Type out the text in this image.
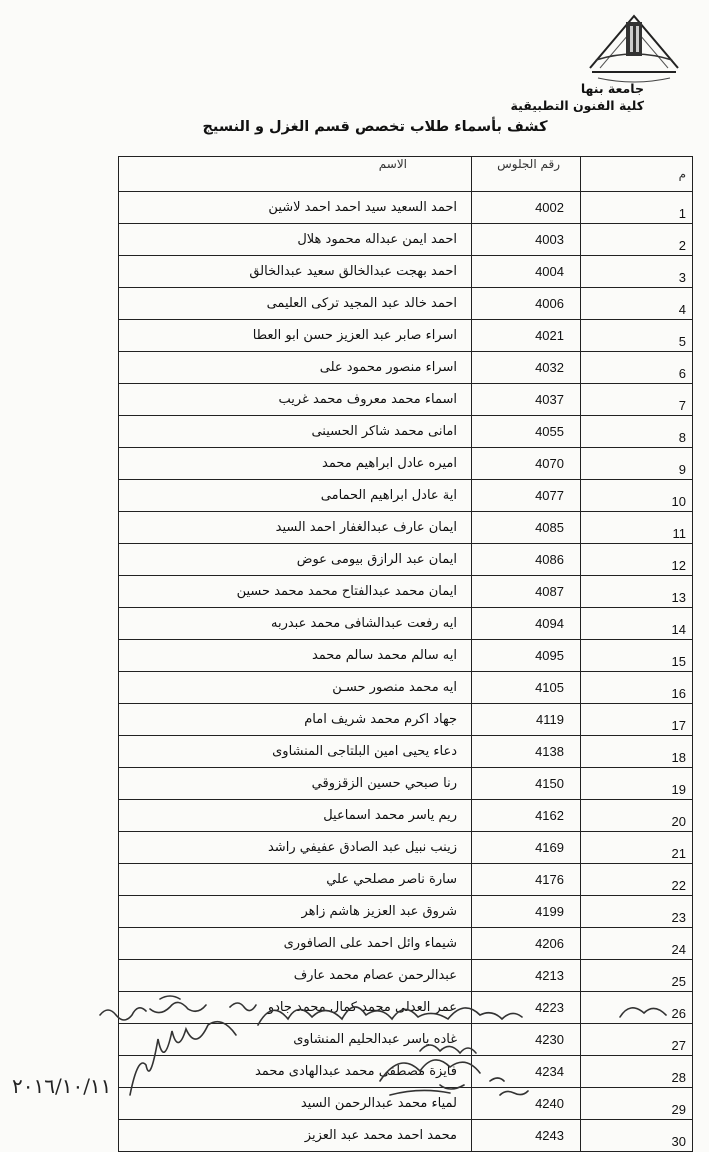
جامعة بنها
كلية الفنون التطبيقية
كشف بأسماء طلاب تخصص قسم الغزل و النسيج
الاسم	رقم الجلوس	م
احمد السعيد سيد احمد احمد لاشين	4002	1
احمد ايمن عبداله محمود هلال	4003	2
احمد بهجت عبدالخالق سعيد عبدالخالق	4004	3
احمد خالد عبد المجيد تركى العليمى	4006	4
اسراء صابر عبد العزيز حسن ابو العطا	4021	5
اسراء منصور محمود على	4032	6
اسماء محمد معروف محمد غريب	4037	7
امانى محمد شاكر الحسينى	4055	8
اميره عادل ابراهيم محمد	4070	9
اية عادل ابراهيم الحمامى	4077	10
ايمان عارف عبدالغفار احمد السيد	4085	11
ايمان عبد الرازق بيومى عوض	4086	12
ايمان محمد عبدالفتاح محمد محمد حسين	4087	13
ايه رفعت عبدالشافى محمد عبدربه	4094	14
ايه سالم محمد سالم محمد	4095	15
ايه محمد منصور حسـن	4105	16
جهاد اكرم محمد شريف امام	4119	17
دعاء يحيى امين البلتاجى المنشاوى	4138	18
رنا صبحي حسين الزقزوقي	4150	19
ريم ياسر محمد اسماعيل	4162	20
زينب نبيل عبد الصادق عفيفي راشد	4169	21
سارة ناصر مصلحي علي	4176	22
شروق عبد العزيز هاشم زاهر	4199	23
شيماء وائل احمد على الصافورى	4206	24
عبدالرحمن عصام محمد عارف	4213	25
عمر العدلى محمد كمال محمد جادو	4223	26
غاده ياسر عبدالحليم المنشاوى	4230	27
فايزة مصطفى محمد عبدالهادى محمد	4234	28
لمياء محمد عبدالرحمن السيد	4240	29
محمد احمد محمد عبد العزيز	4243	30
٢٠١٦/١٠/١١
